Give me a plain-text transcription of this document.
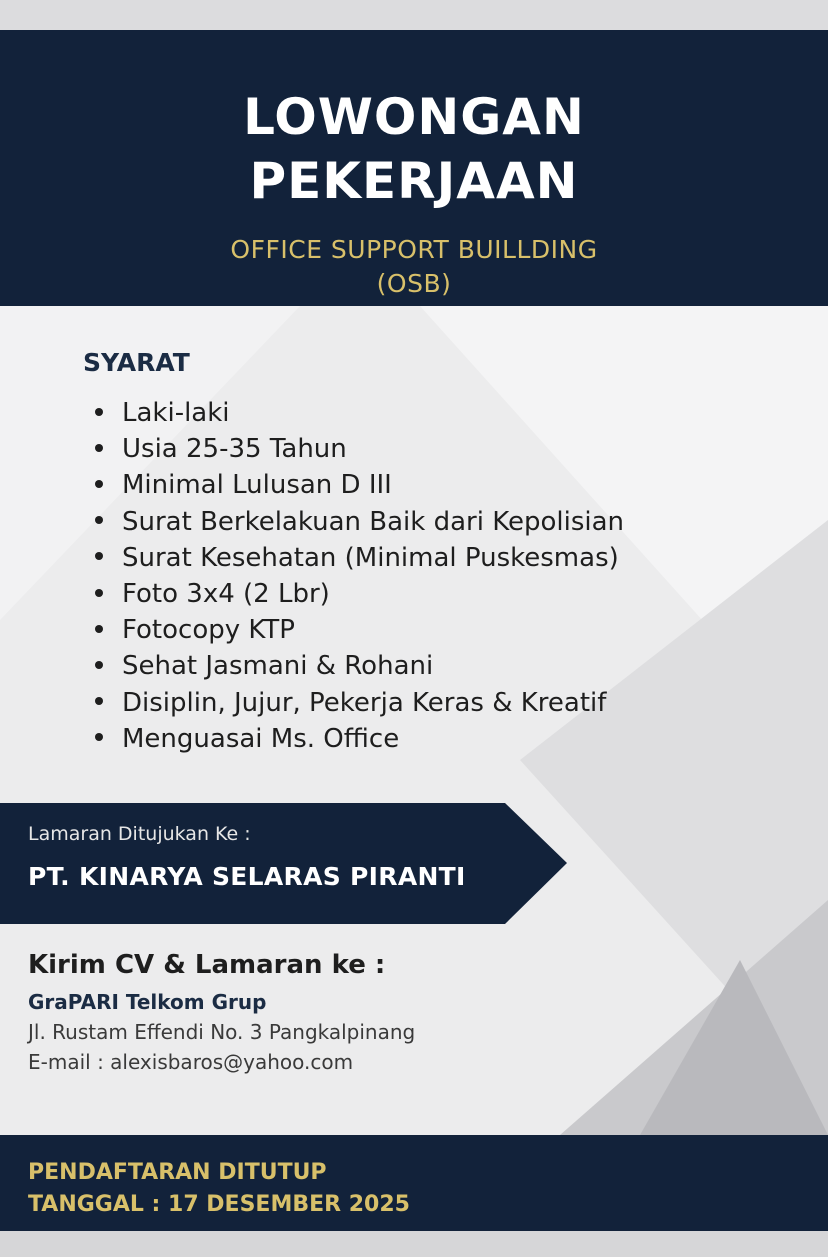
LOWONGAN
PEKERJAAN
OFFICE SUPPORT BUILLDING
(OSB)
SYARAT
Laki-laki
Usia 25-35 Tahun
Minimal Lulusan D III
Surat Berkelakuan Baik dari Kepolisian
Surat Kesehatan (Minimal Puskesmas)
Foto 3x4 (2 Lbr)
Fotocopy KTP
Sehat Jasmani & Rohani
Disiplin, Jujur, Pekerja Keras & Kreatif
Menguasai Ms. Office
Lamaran Ditujukan Ke :
PT. KINARYA SELARAS PIRANTI
Kirim CV & Lamaran ke :
GraPARI Telkom Grup
Jl. Rustam Effendi No. 3 Pangkalpinang
E-mail : alexisbaros@yahoo.com
PENDAFTARAN DITUTUP
TANGGAL : 17 DESEMBER 2025
